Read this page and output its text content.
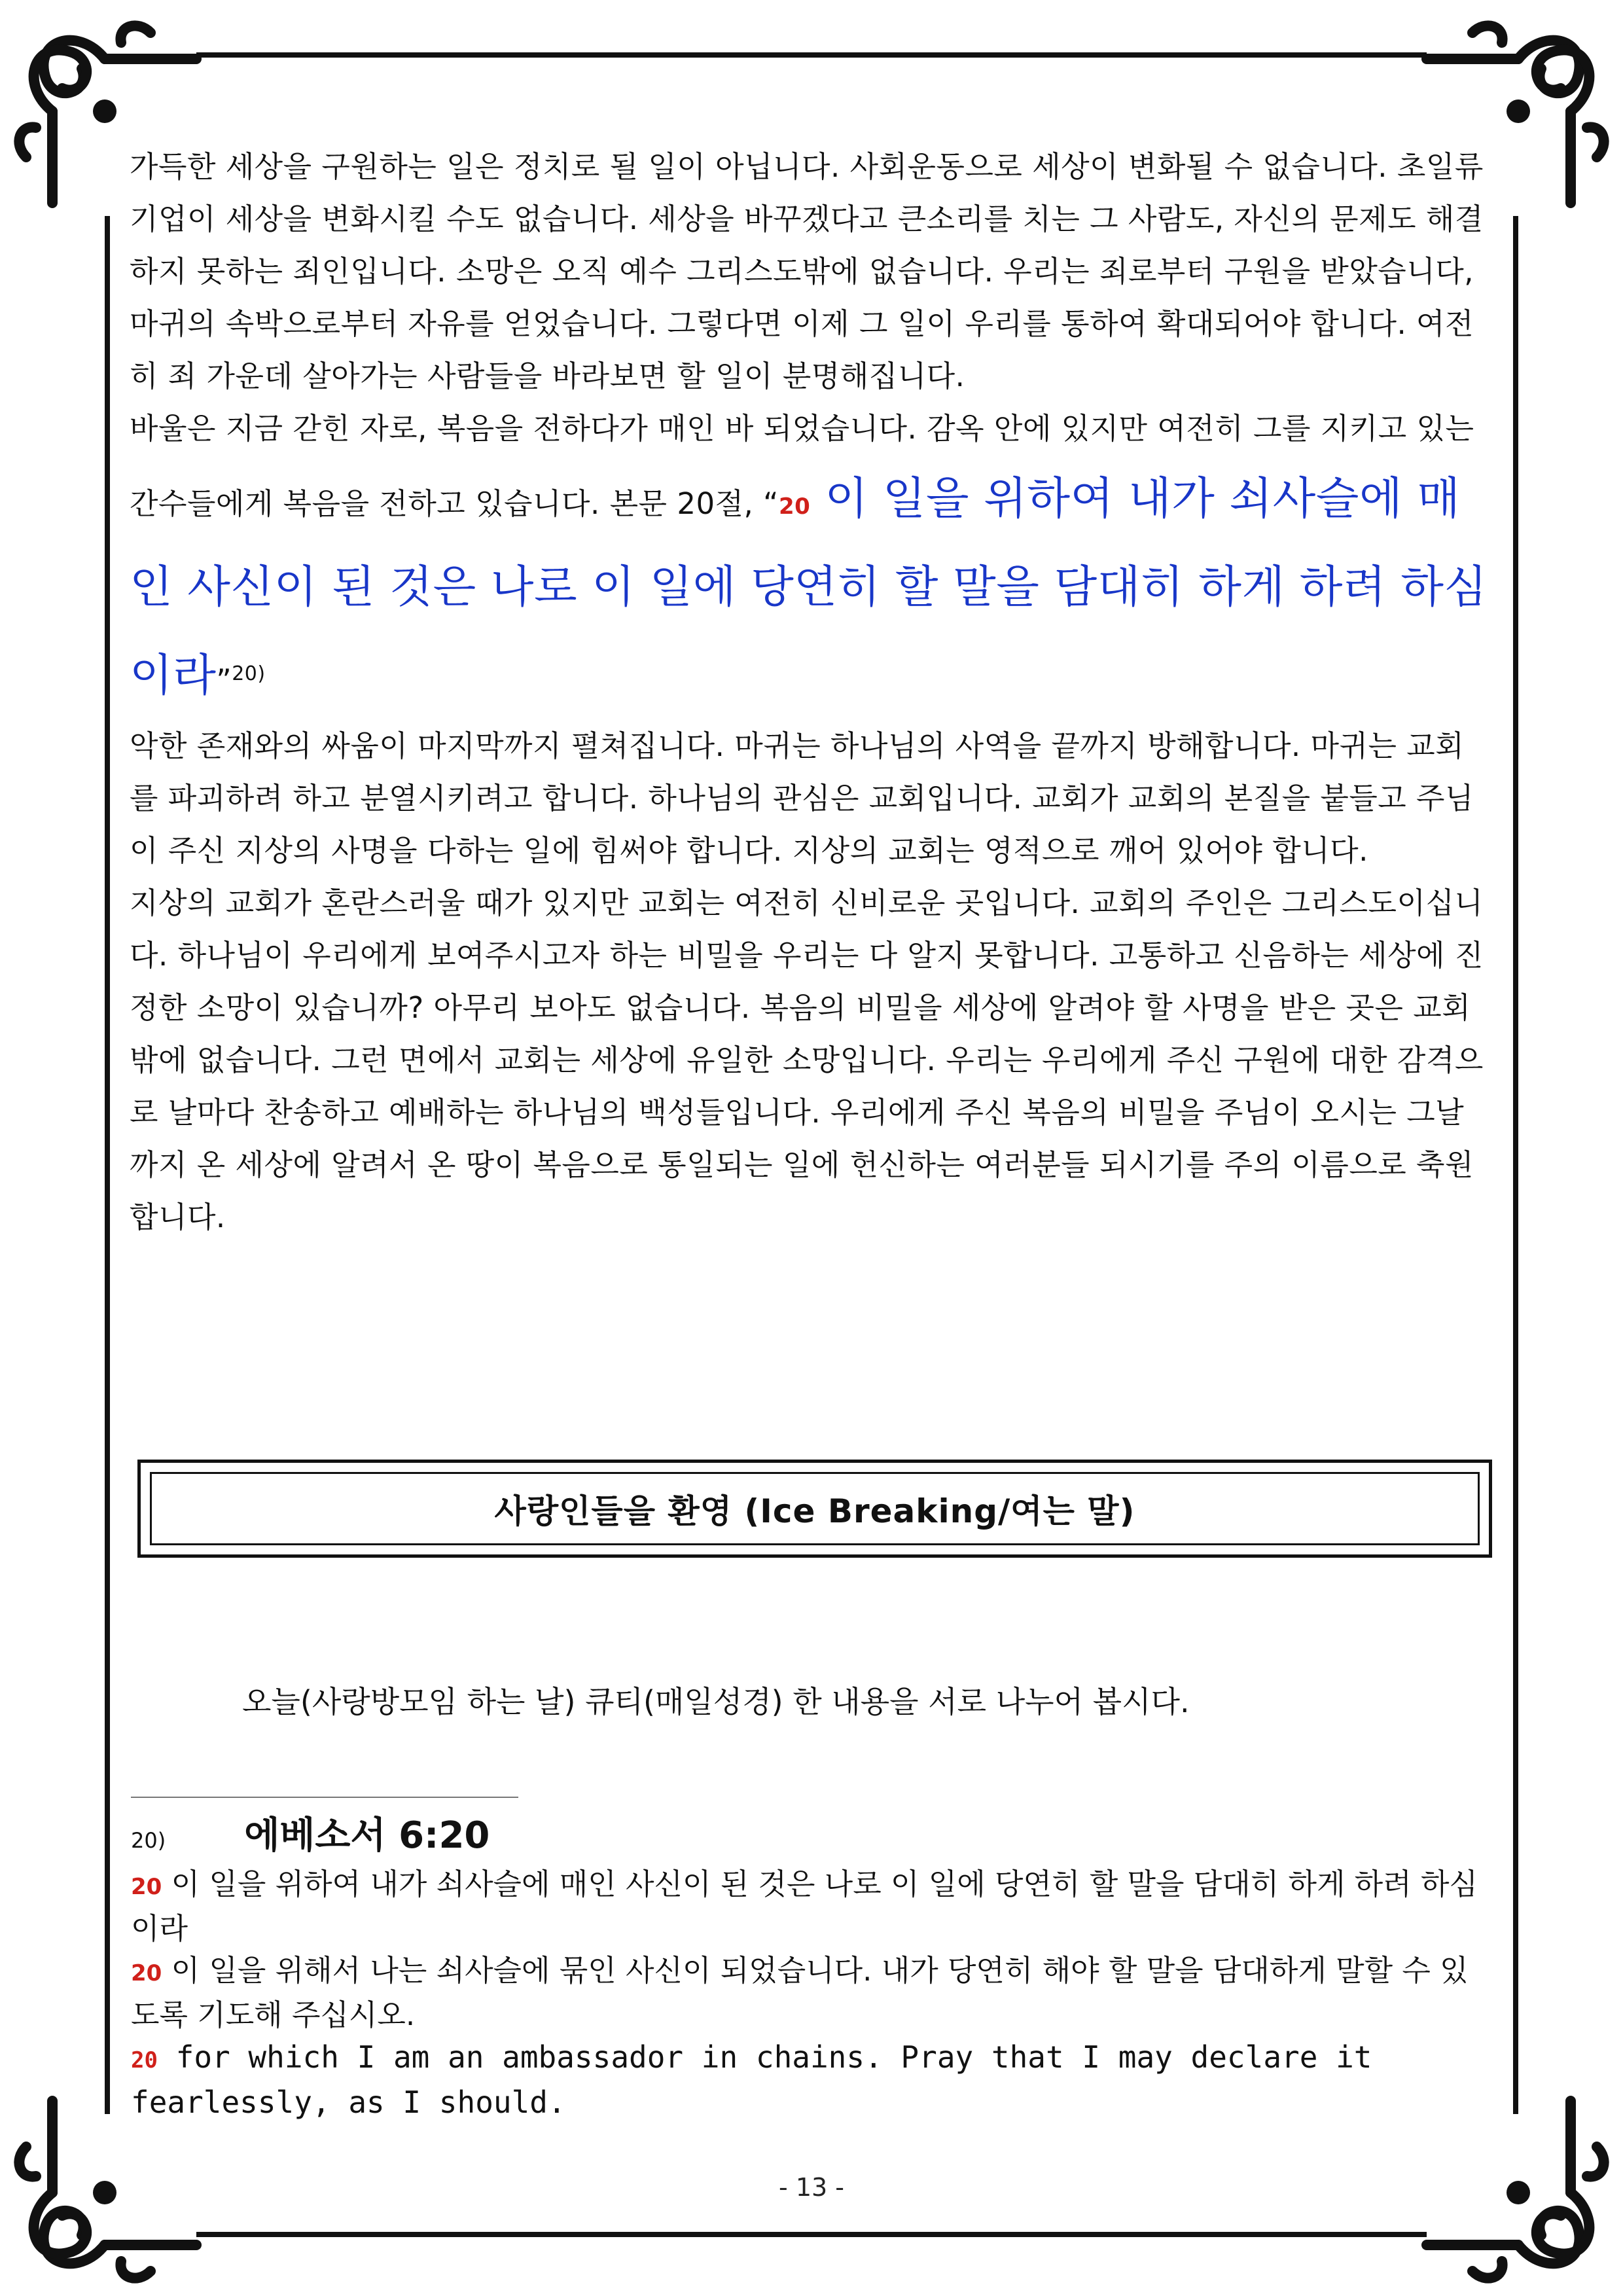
가득한 세상을 구원하는 일은 정치로 될 일이 아닙니다. 사회운동으로 세상이 변화될 수 없습니다. 초일류 기업이 세상을 변화시킬 수도 없습니다. 세상을 바꾸겠다고 큰소리를 치는 그 사람도, 자신의 문제도 해결하지 못하는 죄인입니다. 소망은 오직 예수 그리스도밖에 없습니다. 우리는 죄로부터 구원을 받았습니다, 마귀의 속박으로부터 자유를 얻었습니다. 그렇다면 이제 그 일이 우리를 통하여 확대되어야 합니다. 여전히 죄 가운데 살아가는 사람들을 바라보면 할 일이 분명해집니다.

바울은 지금 갇힌 자로, 복음을 전하다가 매인 바 되었습니다. 감옥 안에 있지만 여전히 그를 지키고 있는 간수들에게 복음을 전하고 있습니다. 본문 20절, “20 이 일을 위하여 내가 쇠사슬에 매인 사신이 된 것은 나로 이 일에 당연히 할 말을 담대히 하게 하려 하심이라”$^{20)}$

악한 존재와의 싸움이 마지막까지 펼쳐집니다. 마귀는 하나님의 사역을 끝까지 방해합니다. 마귀는 교회를 파괴하려 하고 분열시키려고 합니다. 하나님의 관심은 교회입니다. 교회가 교회의 본질을 붙들고 주님이 주신 지상의 사명을 다하는 일에 힘써야 합니다. 지상의 교회는 영적으로 깨어 있어야 합니다.

지상의 교회가 혼란스러울 때가 있지만 교회는 여전히 신비로운 곳입니다. 교회의 주인은 그리스도이십니다. 하나님이 우리에게 보여주시고자 하는 비밀을 우리는 다 알지 못합니다. 고통하고 신음하는 세상에 진정한 소망이 있습니까? 아무리 보아도 없습니다. 복음의 비밀을 세상에 알려야 할 사명을 받은 곳은 교회밖에 없습니다. 그런 면에서 교회는 세상에 유일한 소망입니다. 우리는 우리에게 주신 구원에 대한 감격으로 날마다 찬송하고 예배하는 하나님의 백성들입니다. 우리에게 주신 복음의 비밀을 주님이 오시는 그날까지 온 세상에 알려서 온 땅이 복음으로 통일되는 일에 헌신하는 여러분들 되시기를 주의 이름으로 축원합니다.

사랑인들을 환영 (Ice Breaking/여는 말)
오늘(사랑방모임 하는 날) 큐티(매일성경) 한 내용을 서로 나누어 봅시다.
20) 에베소서 6:20

20 이 일을 위하여 내가 쇠사슬에 매인 사신이 된 것은 나로 이 일에 당연히 할 말을 담대히 하게 하려 하심이라

20 이 일을 위해서 나는 쇠사슬에 묶인 사신이 되었습니다. 내가 당연히 해야 할 말을 담대하게 말할 수 있도록 기도해 주십시오.

20 for which I am an ambassador in chains. Pray that I may declare it fearlessly, as I should.

- 13 -
